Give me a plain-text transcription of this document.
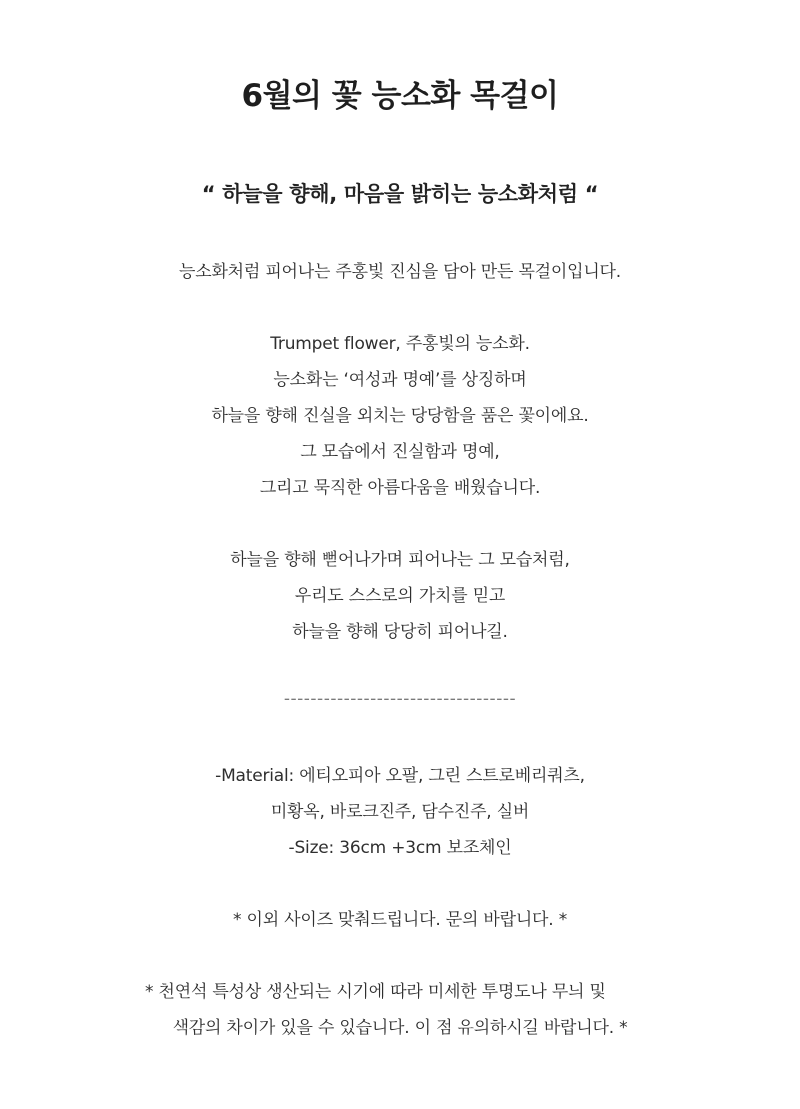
6월의 꽃 능소화 목걸이
“ 하늘을 향해, 마음을 밝히는 능소화처럼 “
능소화처럼 피어나는 주홍빛 진심을 담아 만든 목걸이입니다.
Trumpet flower, 주홍빛의 능소화.
능소화는 ‘여성과 명예’를 상징하며
하늘을 향해 진실을 외치는 당당함을 품은 꽃이에요.
그 모습에서 진실함과 명예,
그리고 묵직한 아름다움을 배웠습니다.
하늘을 향해 뻗어나가며 피어나는 그 모습처럼,
우리도 스스로의 가치를 믿고
하늘을 향해 당당히 피어나길.
-----------------------------------
-Material: 에티오피아 오팔, 그린 스트로베리쿼츠,
미황옥, 바로크진주, 담수진주, 실버
-Size: 36cm +3cm 보조체인
* 이외 사이즈 맞춰드립니다. 문의 바랍니다. *
* 천연석 특성상 생산되는 시기에 따라 미세한 투명도나 무늬 및
색감의 차이가 있을 수 있습니다. 이 점 유의하시길 바랍니다. *
